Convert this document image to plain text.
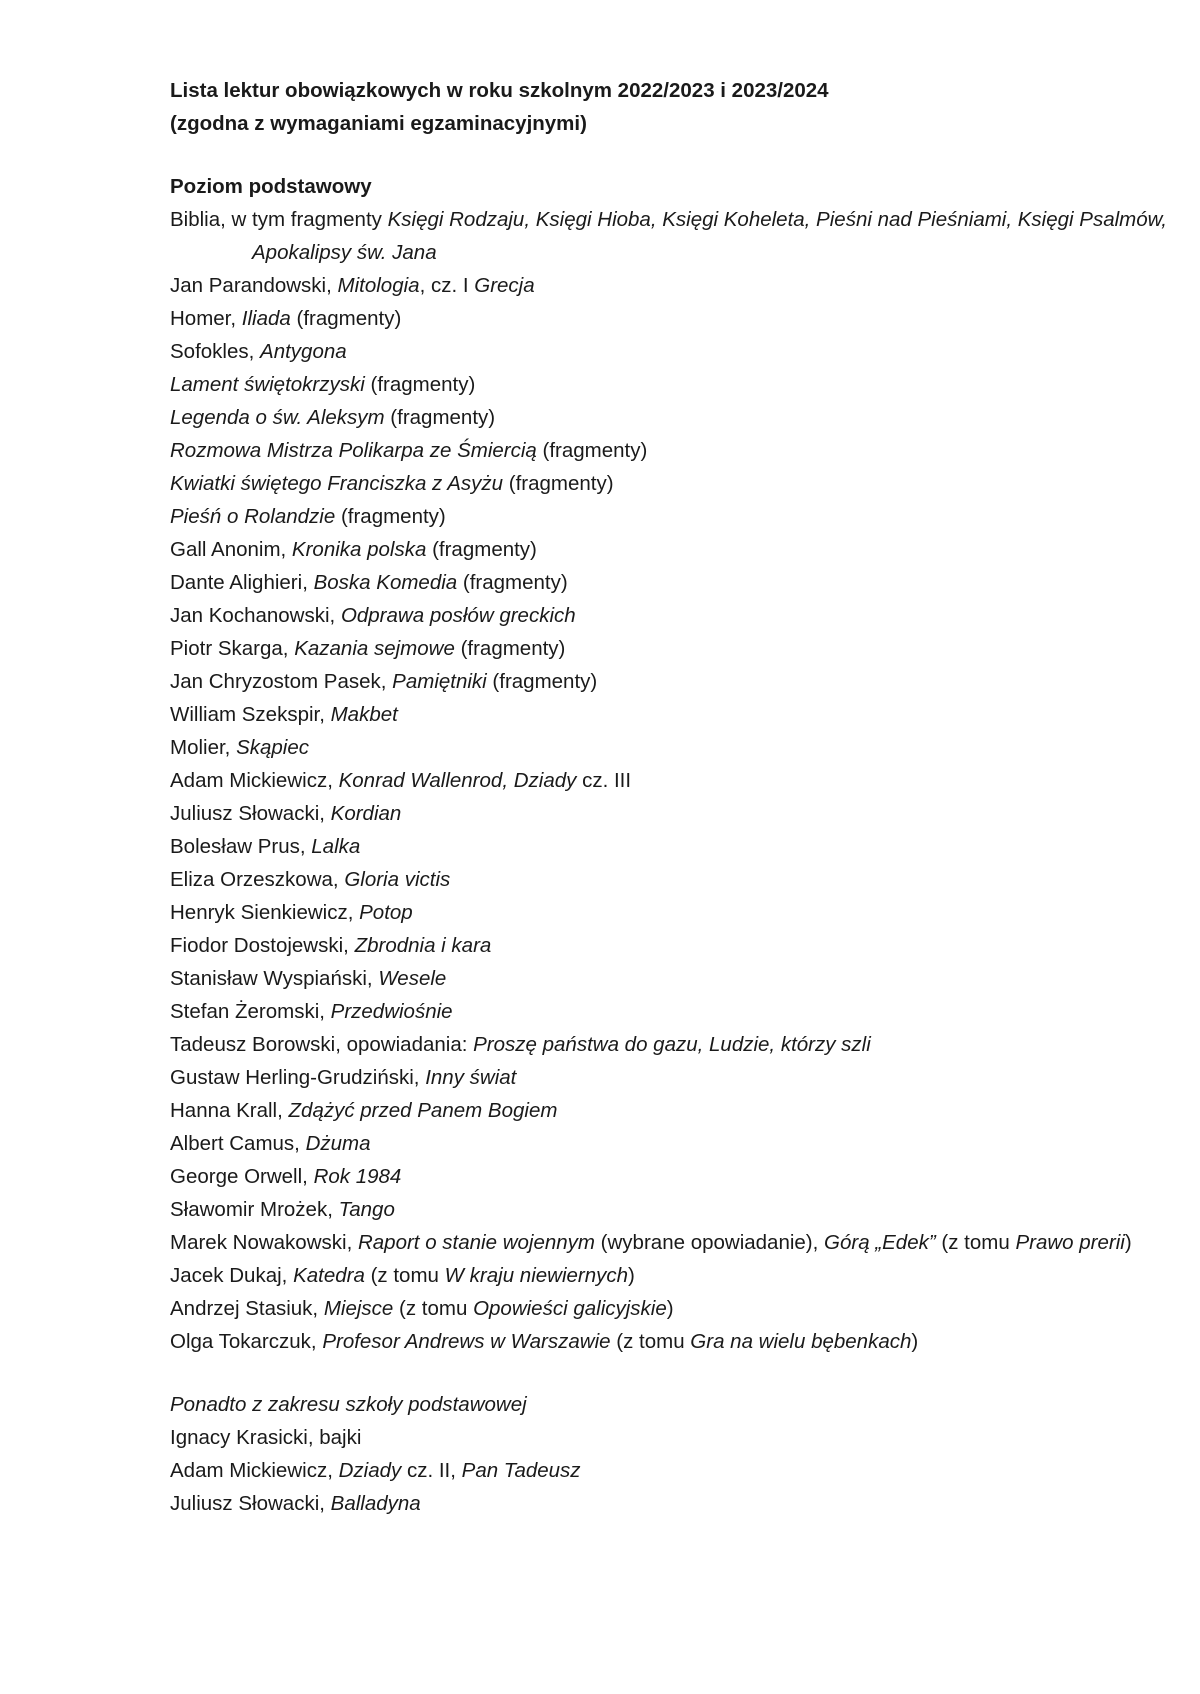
Lista lektur obowiązkowych w roku szkolnym 2022/2023 i 2023/2024
(zgodna z wymaganiami egzaminacyjnymi)
Poziom podstawowy
Biblia, w tym fragmenty Księgi Rodzaju, Księgi Hioba, Księgi Koheleta, Pieśni nad Pieśniami, Księgi Psalmów, Apokalipsy św. Jana
Jan Parandowski, Mitologia, cz. I Grecja
Homer, Iliada (fragmenty)
Sofokles, Antygona
Lament świętokrzyski (fragmenty)
Legenda o św. Aleksym (fragmenty)
Rozmowa Mistrza Polikarpa ze Śmiercią (fragmenty)
Kwiatki świętego Franciszka z Asyżu (fragmenty)
Pieśń o Rolandzie (fragmenty)
Gall Anonim, Kronika polska (fragmenty)
Dante Alighieri, Boska Komedia (fragmenty)
Jan Kochanowski, Odprawa posłów greckich
Piotr Skarga, Kazania sejmowe (fragmenty)
Jan Chryzostom Pasek, Pamiętniki (fragmenty)
William Szekspir, Makbet
Molier, Skąpiec
Adam Mickiewicz, Konrad Wallenrod, Dziady cz. III
Juliusz Słowacki, Kordian
Bolesław Prus, Lalka
Eliza Orzeszkowa, Gloria victis
Henryk Sienkiewicz, Potop
Fiodor Dostojewski, Zbrodnia i kara
Stanisław Wyspiański, Wesele
Stefan Żeromski, Przedwiośnie
Tadeusz Borowski, opowiadania: Proszę państwa do gazu, Ludzie, którzy szli
Gustaw Herling-Grudziński, Inny świat
Hanna Krall, Zdążyć przed Panem Bogiem
Albert Camus, Dżuma
George Orwell, Rok 1984
Sławomir Mrożek, Tango
Marek Nowakowski, Raport o stanie wojennym (wybrane opowiadanie), Górą „Edek” (z tomu Prawo prerii)
Jacek Dukaj, Katedra (z tomu W kraju niewiernych)
Andrzej Stasiuk, Miejsce (z tomu Opowieści galicyjskie)
Olga Tokarczuk, Profesor Andrews w Warszawie (z tomu Gra na wielu bębenkach)
Ponadto z zakresu szkoły podstawowej
Ignacy Krasicki, bajki
Adam Mickiewicz, Dziady cz. II, Pan Tadeusz
Juliusz Słowacki, Balladyna
